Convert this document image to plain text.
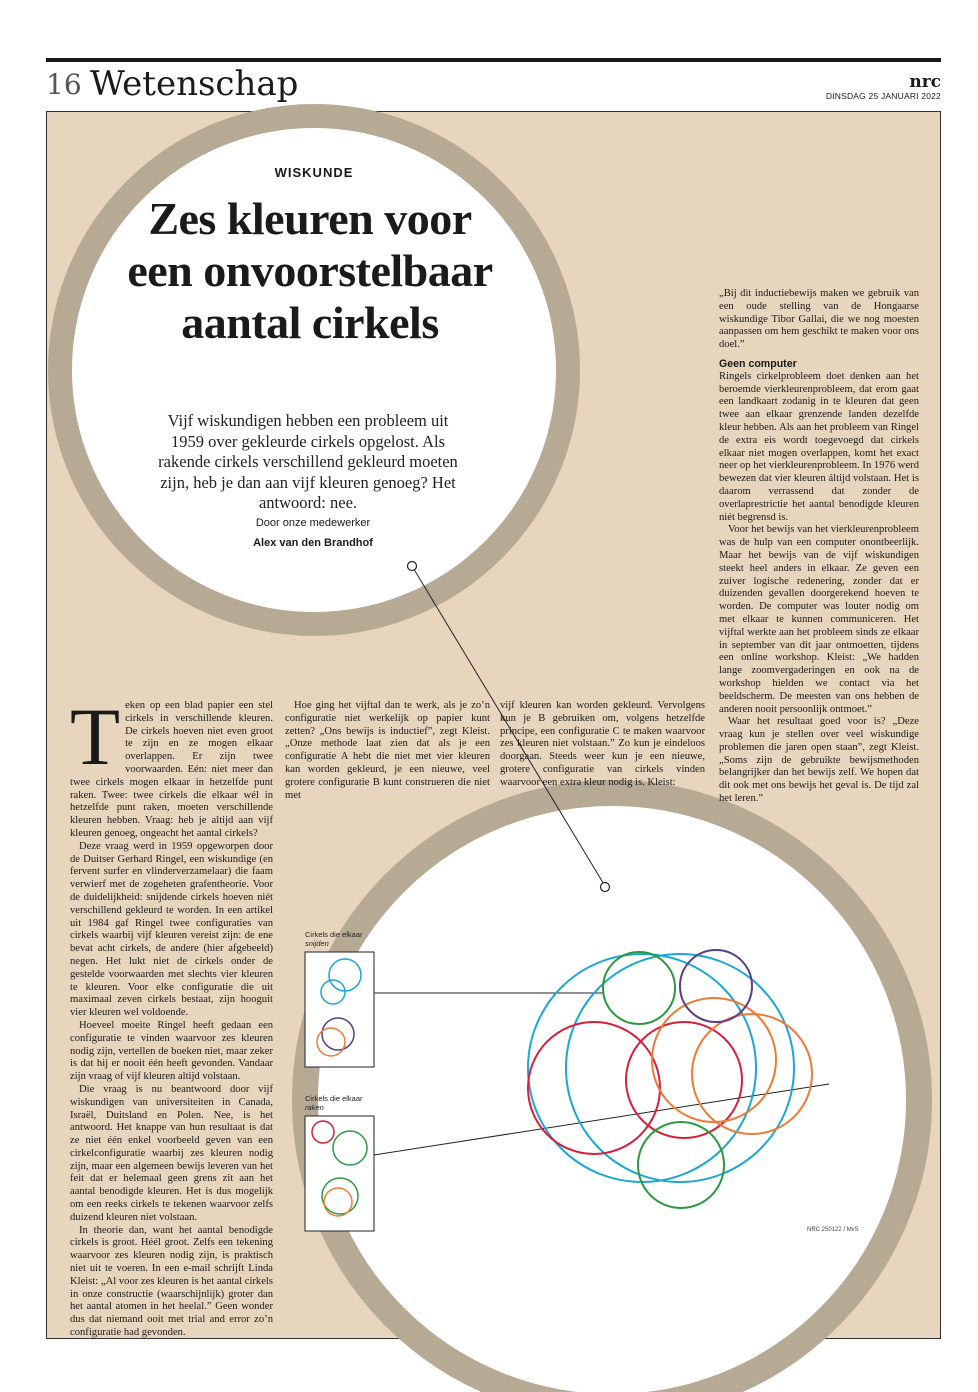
16 Wetenschap	nrc
DINSDAG 25 JANUARI 2022
WISKUNDE
Zes kleuren voor een onvoorstelbaar aantal cirkels
Vijf wiskundigen hebben een probleem uit 1959 over gekleurde cirkels opgelost. Als rakende cirkels verschillend gekleurd moeten zijn, heb je dan aan vijf kleuren genoeg? Het antwoord: nee.
Door onze medewerker
Alex van den Brandhof
T eken op een blad papier een stel cirkels in verschillende kleuren. De cirkels hoeven niet even groot te zijn en ze mogen elkaar overlappen. Er zijn twee voorwaarden. Eén: niet meer dan twee cirkels mogen elkaar in hetzelfde punt raken. Twee: twee cirkels die elkaar wél in hetzelfde punt raken, moeten verschillende kleuren hebben. Vraag: heb je altijd aan vijf kleuren genoeg, ongeacht het aantal cirkels?

Deze vraag werd in 1959 opgeworpen door de Duitser Gerhard Ringel, een wiskundige (en fervent surfer en vlinderverzamelaar) die faam verwierf met de zogeheten grafentheorie. Voor de duidelijkheid: snijdende cirkels hoeven niét verschillend gekleurd te worden. In een artikel uit 1984 gaf Ringel twee configuraties van cirkels waarbij vijf kleuren vereist zijn: de ene bevat acht cirkels, de andere (hier afgebeeld) negen. Het lukt niet de cirkels onder de gestelde voorwaarden met slechts vier kleuren te kleuren. Voor elke configuratie die uit maximaal zeven cirkels bestaat, zijn hooguit vier kleuren wel voldoende.

Hoeveel moeite Ringel heeft gedaan een configuratie te vinden waarvoor zes kleuren nodig zijn, vertellen de boeken niet, maar zeker is dat hij er nooit één heeft gevonden. Vandaar zijn vraag of vijf kleuren altijd volstaan.

Die vraag is nu beantwoord door vijf wiskundigen van universiteiten in Canada, Israël, Duitsland en Polen. Nee, is het antwoord. Het knappe van hun resultaat is dat ze niet één enkel voorbeeld geven van een cirkelconfiguratie waarbij zes kleuren nodig zijn, maar een algemeen bewijs leveren van het feit dat er helemaal geen grens zit aan het aantal benodigde kleuren. Het is dus mogelijk om een reeks cirkels te tekenen waarvoor zelfs duizend kleuren niet volstaan.

In theorie dan, want het aantal benodigde cirkels is groot. Héél groot. Zelfs een tekening waarvoor zes kleuren nodig zijn, is praktisch niet uit te voeren. In een e-mail schrijft Linda Kleist: „Al voor zes kleuren is het aantal cirkels in onze constructie (waarschijnlijk) groter dan het aantal atomen in het heelal.” Geen wonder dus dat niemand ooit met trial and error zo’n configuratie had gevonden.

Hoe ging het vijftal dan te werk, als je zo’n configuratie niet werkelijk op papier kunt zetten? „Ons bewijs is inductief”, zegt Kleist. „Onze methode laat zien dat als je een configuratie A hebt die niet met vier kleuren kan worden gekleurd, je een nieuwe, veel grotere configuratie B kunt construeren die niet met

vijf kleuren kan worden gekleurd. Vervolgens kun je B gebruiken om, volgens hetzelfde principe, een configuratie C te maken waarvoor zes kleuren niet volstaan.” Zo kun je eindeloos doorgaan. Steeds weer kun je een nieuwe, grotere configuratie van cirkels vinden waarvoor een extra kleur nodig is. Kleist:

„Bij dit inductiebewijs maken we gebruik van een oude stelling van de Hongaarse wiskundige Tibor Gallai, die we nog moesten aanpassen om hem geschikt te maken voor ons doel.”

Geen computer

Ringels cirkelprobleem doet denken aan het beroemde vierkleurenprobleem, dat erom gaat een landkaart zodanig in te kleuren dat geen twee aan elkaar grenzende landen dezelfde kleur hebben. Als aan het probleem van Ringel de extra eis wordt toegevoegd dat cirkels elkaar niet mogen overlappen, komt het exact neer op het vierkleurenprobleem. In 1976 werd bewezen dat vier kleuren áltijd volstaan. Het is daarom verrassend dat zonder de overlaprestrictie het aantal benodigde kleuren niét begrensd is.

Voor het bewijs van het vierkleurenprobleem was de hulp van een computer onontbeerlijk. Maar het bewijs van de vijf wiskundigen steekt heel anders in elkaar. Ze geven een zuiver logische redenering, zonder dat er duizenden gevallen doorgerekend hoeven te worden. De computer was louter nodig om met elkaar te kunnen communiceren. Het vijftal werkte aan het probleem sinds ze elkaar in september van dit jaar ontmoetten, tijdens een online workshop. Kleist: „We hadden lange zoomvergaderingen en ook na de workshop hielden we contact via het beeldscherm. De meesten van ons hebben de anderen nooit persoonlijk ontmoet.”

Waar het resultaat goed voor is? „Deze vraag kun je stellen over veel wiskundige problemen die jaren open staan”, zegt Kleist. „Soms zijn de gebruikte bewijsmethoden belangrijker dan het bewijs zelf. We hopen dat dit ook met ons bewijs het geval is. De tijd zal het leren.”

Cirkels die elkaar
snijden
Cirkels die elkaar
raken
NRC 250122 / MvS
